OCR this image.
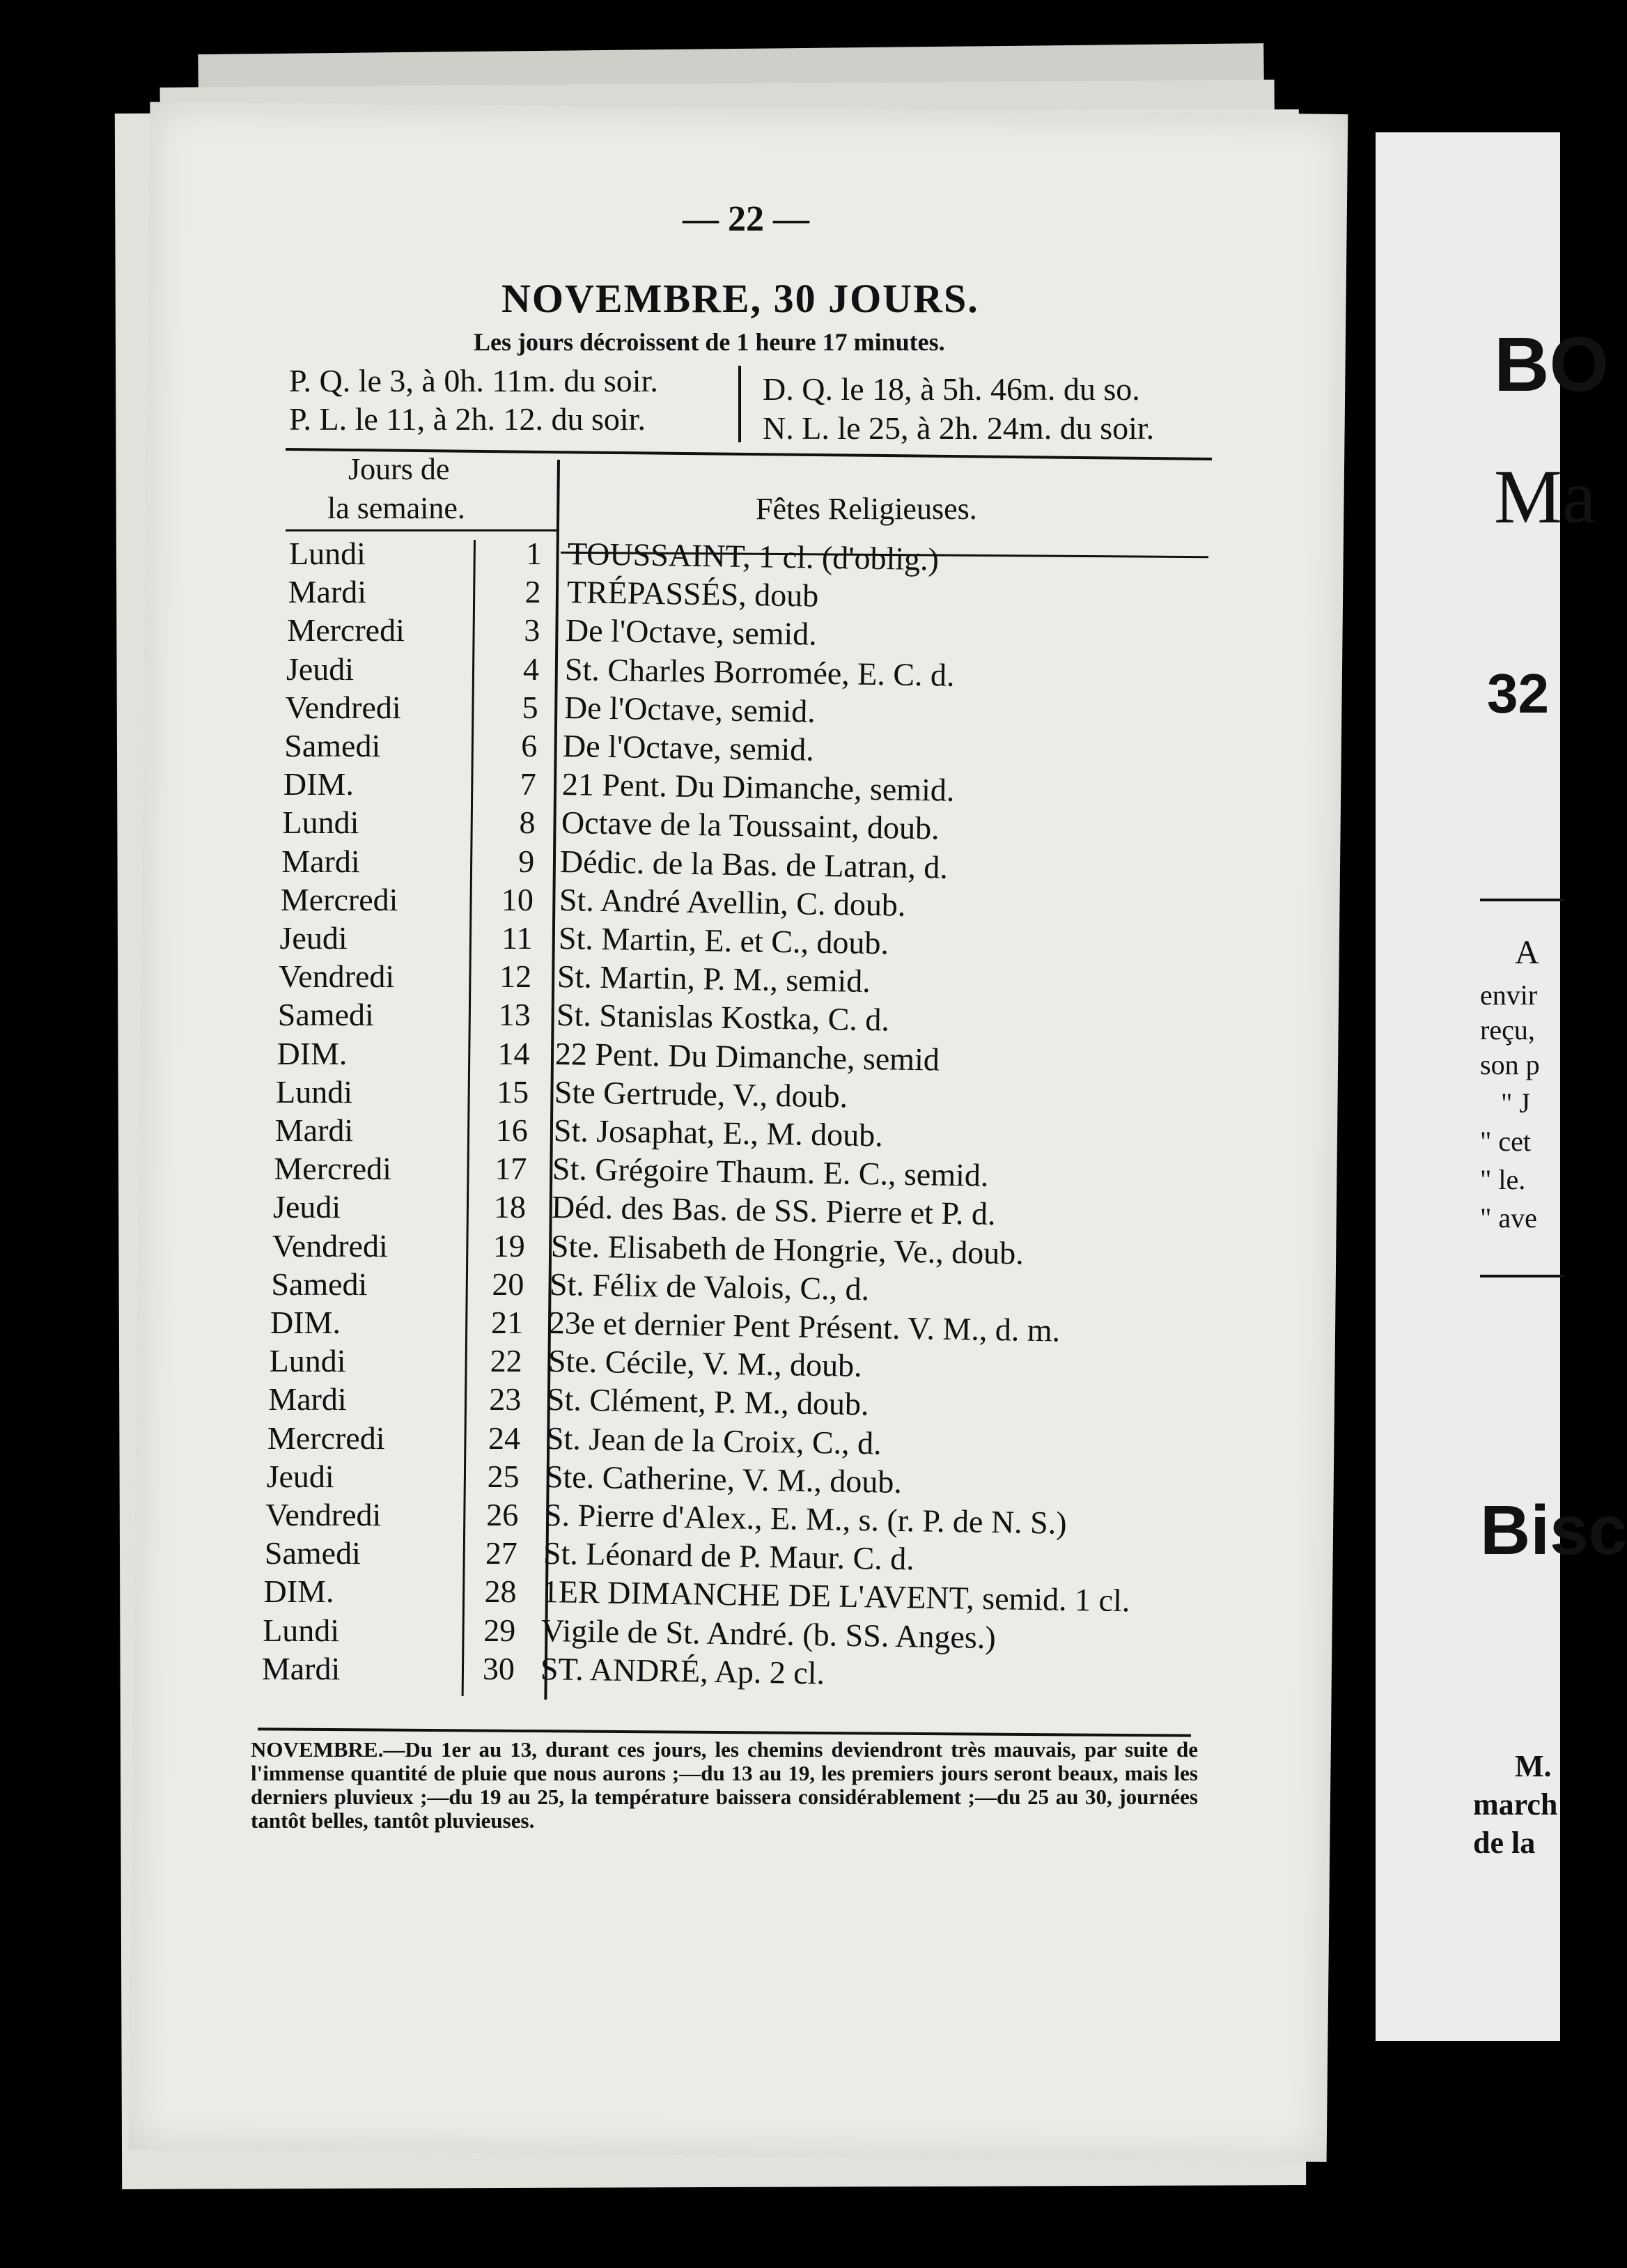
BO
Ma
32
A
envir
reçu,
son p
" J
" cet
" le.
" ave
Bisc
M.
march
de la
— 22 —
NOVEMBRE, 30 JOURS.
Les jours décroissent de 1 heure 17 minutes.
P. Q. le 3, à 0h. 11m. du soir.
P. L. le 11, à 2h. 12. du soir.
D. Q. le 18, à 5h. 46m. du so.
N. L. le 25, à 2h. 24m. du soir.
Jours de
la semaine.	Fêtes Religieuses.
Lundi	1 TOUSSAINT, 1 cl. (d'oblig.)
Mardi	2 TRÉPASSÉS, doub
Mercredi	3 De l'Octave, semid.
Jeudi	4 St. Charles Borromée, E. C. d.
Vendredi	5 De l'Octave, semid.
Samedi	6 De l'Octave, semid.
DIM.	7 21 Pent. Du Dimanche, semid.
Lundi	8 Octave de la Toussaint, doub.
Mardi	9 Dédic. de la Bas. de Latran, d.
Mercredi	10 St. André Avellin, C. doub.
Jeudi	11 St. Martin, E. et C., doub.
Vendredi	12 St. Martin, P. M., semid.
Samedi	13 St. Stanislas Kostka, C. d.
DIM.	14 22 Pent. Du Dimanche, semid
Lundi	15 Ste Gertrude, V., doub.
Mardi	16 St. Josaphat, E., M. doub.
Mercredi	17 St. Grégoire Thaum. E. C., semid.
Jeudi	18 Déd. des Bas. de SS. Pierre et P. d.
Vendredi	19 Ste. Elisabeth de Hongrie, Ve., doub.
Samedi	20 St. Félix de Valois, C., d.
DIM.	21 23e et dernier Pent Présent. V. M., d. m.
Lundi	22 Ste. Cécile, V. M., doub.
Mardi	23 St. Clément, P. M., doub.
Mercredi	24 St. Jean de la Croix, C., d.
Jeudi	25 Ste. Catherine, V. M., doub.
Vendredi	26 S. Pierre d'Alex., E. M., s. (r. P. de N. S.)
Samedi	27 St. Léonard de P. Maur. C. d.
DIM.	28 1ER DIMANCHE DE L'AVENT, semid. 1 cl.
Lundi	29 Vigile de St. André. (b. SS. Anges.)
Mardi	30 ST. ANDRÉ, Ap. 2 cl.
NOVEMBRE.—Du 1er au 13, durant ces jours, les chemins deviendront très mauvais, par suite de l'immense quantité de pluie que nous aurons ;—du 13 au 19, les premiers jours seront beaux, mais les derniers pluvieux ;—du 19 au 25, la température baissera considérablement ;—du 25 au 30, journées tantôt belles, tantôt pluvieuses.
